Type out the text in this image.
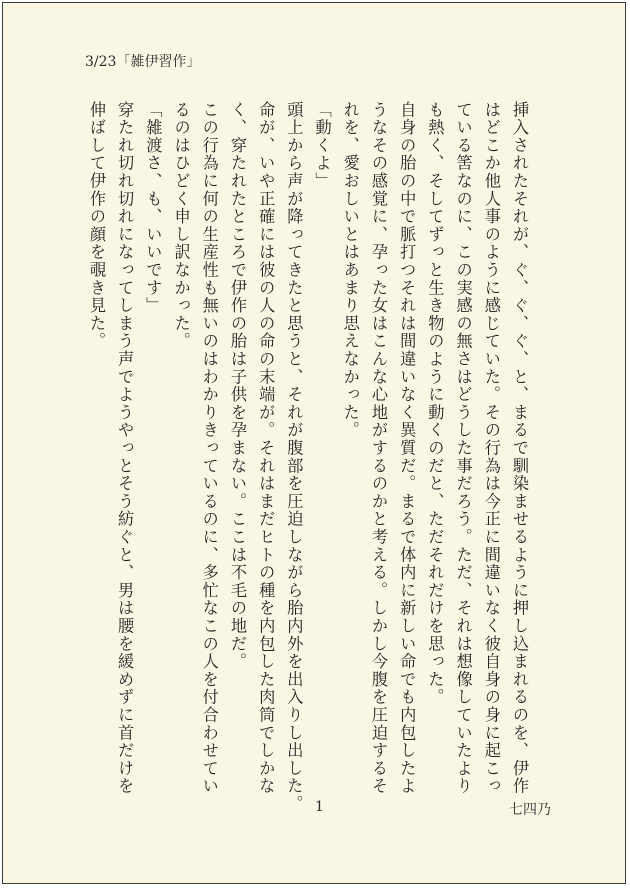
3/23「雑伊習作」

挿入されたそれが、ぐ、ぐ、ぐ、と、まるで馴染ませるように押し込まれるのを、伊作
はどこか他人事のように感じていた。その行為は今正に間違いなく彼自身の身に起こっ
ている筈なのに、この実感の無さはどうした事だろう。ただ、それは想像していたより
も熱く、そしてずっと生き物のように動くのだと、ただそれだけを思った。
自身の胎の中で脈打つそれは間違いなく異質だ。まるで体内に新しい命でも内包したよ
うなその感覚に、孕った女はこんな心地がするのかと考える。しかし今腹を圧迫するそ
れを、愛おしいとはあまり思えなかった。

「動くよ」

頭上から声が降ってきたと思うと、それが腹部を圧迫しながら胎内外を出入りし出した。
命が、いや正確には彼の人の命の末端が。それはまだヒトの種を内包した肉筒でしかな
く、穿たれたところで伊作の胎は子供を孕まない。ここは不毛の地だ。
この行為に何の生産性も無いのはわかりきっているのに、多忙なこの人を付合わせてい
るのはひどく申し訳なかった。

「雑渡さ、も、いいです」

穿たれ切れ切れになってしまう声でようやっとそう紡ぐと、男は腰を緩めずに首だけを
伸ばして伊作の顔を覗き見た。

1	七四乃
